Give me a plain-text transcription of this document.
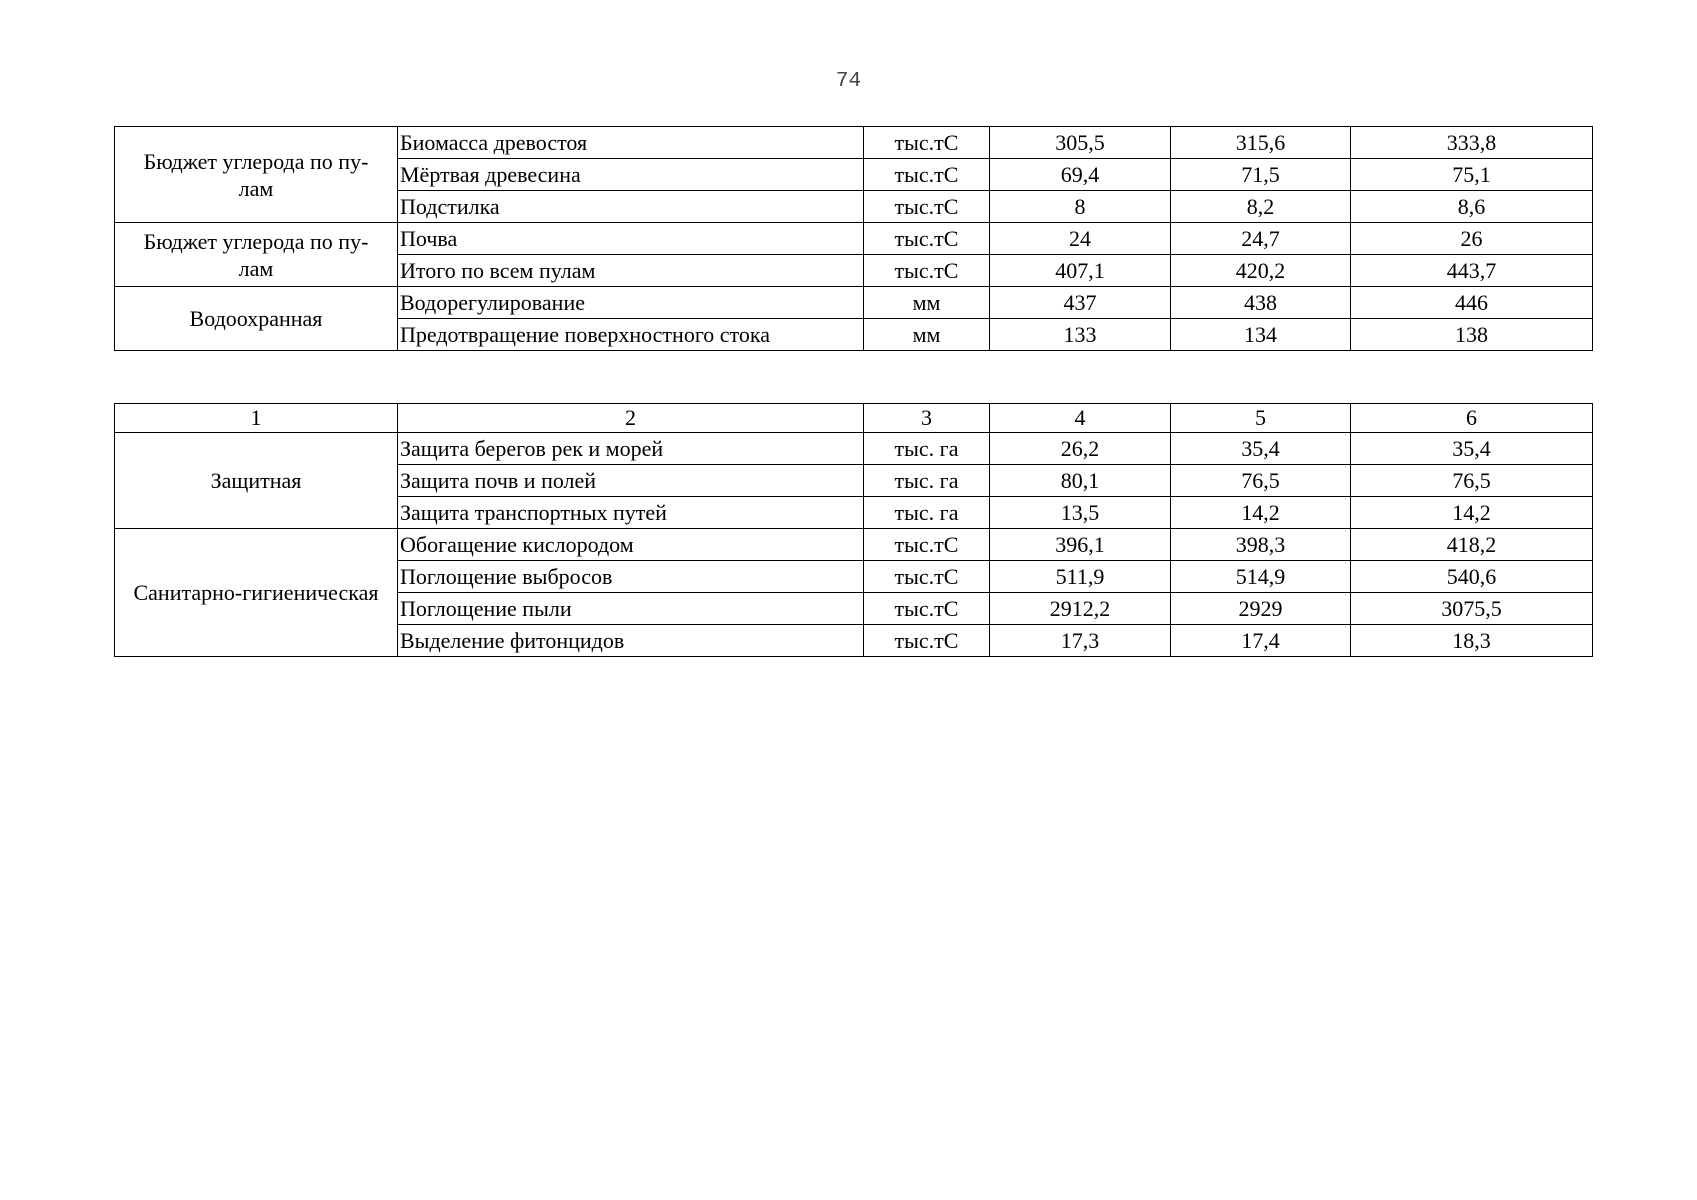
74
Бюджет углерода по пу-
лам	Биомасса древостоя	тыс.тС	305,5	315,6	333,8
	Мёртвая древесина	тыс.тС	69,4	71,5	75,1
	Подстилка	тыс.тС	8	8,2	8,6
Бюджет углерода по пу-
лам	Почва	тыс.тС	24	24,7	26
	Итого по всем пулам	тыс.тС	407,1	420,2	443,7
Водоохранная	Водорегулирование	мм	437	438	446
	Предотвращение поверхностного стока	мм	133	134	138
1	2	3	4	5	6
Защитная	Защита берегов рек и морей	тыс. га	26,2	35,4	35,4
	Защита почв и полей	тыс. га	80,1	76,5	76,5
	Защита транспортных путей	тыс. га	13,5	14,2	14,2
Санитарно-гигиеническая	Обогащение кислородом	тыс.тС	396,1	398,3	418,2
	Поглощение выбросов	тыс.тС	511,9	514,9	540,6
	Поглощение пыли	тыс.тС	2912,2	2929	3075,5
	Выделение фитонцидов	тыс.тС	17,3	17,4	18,3
